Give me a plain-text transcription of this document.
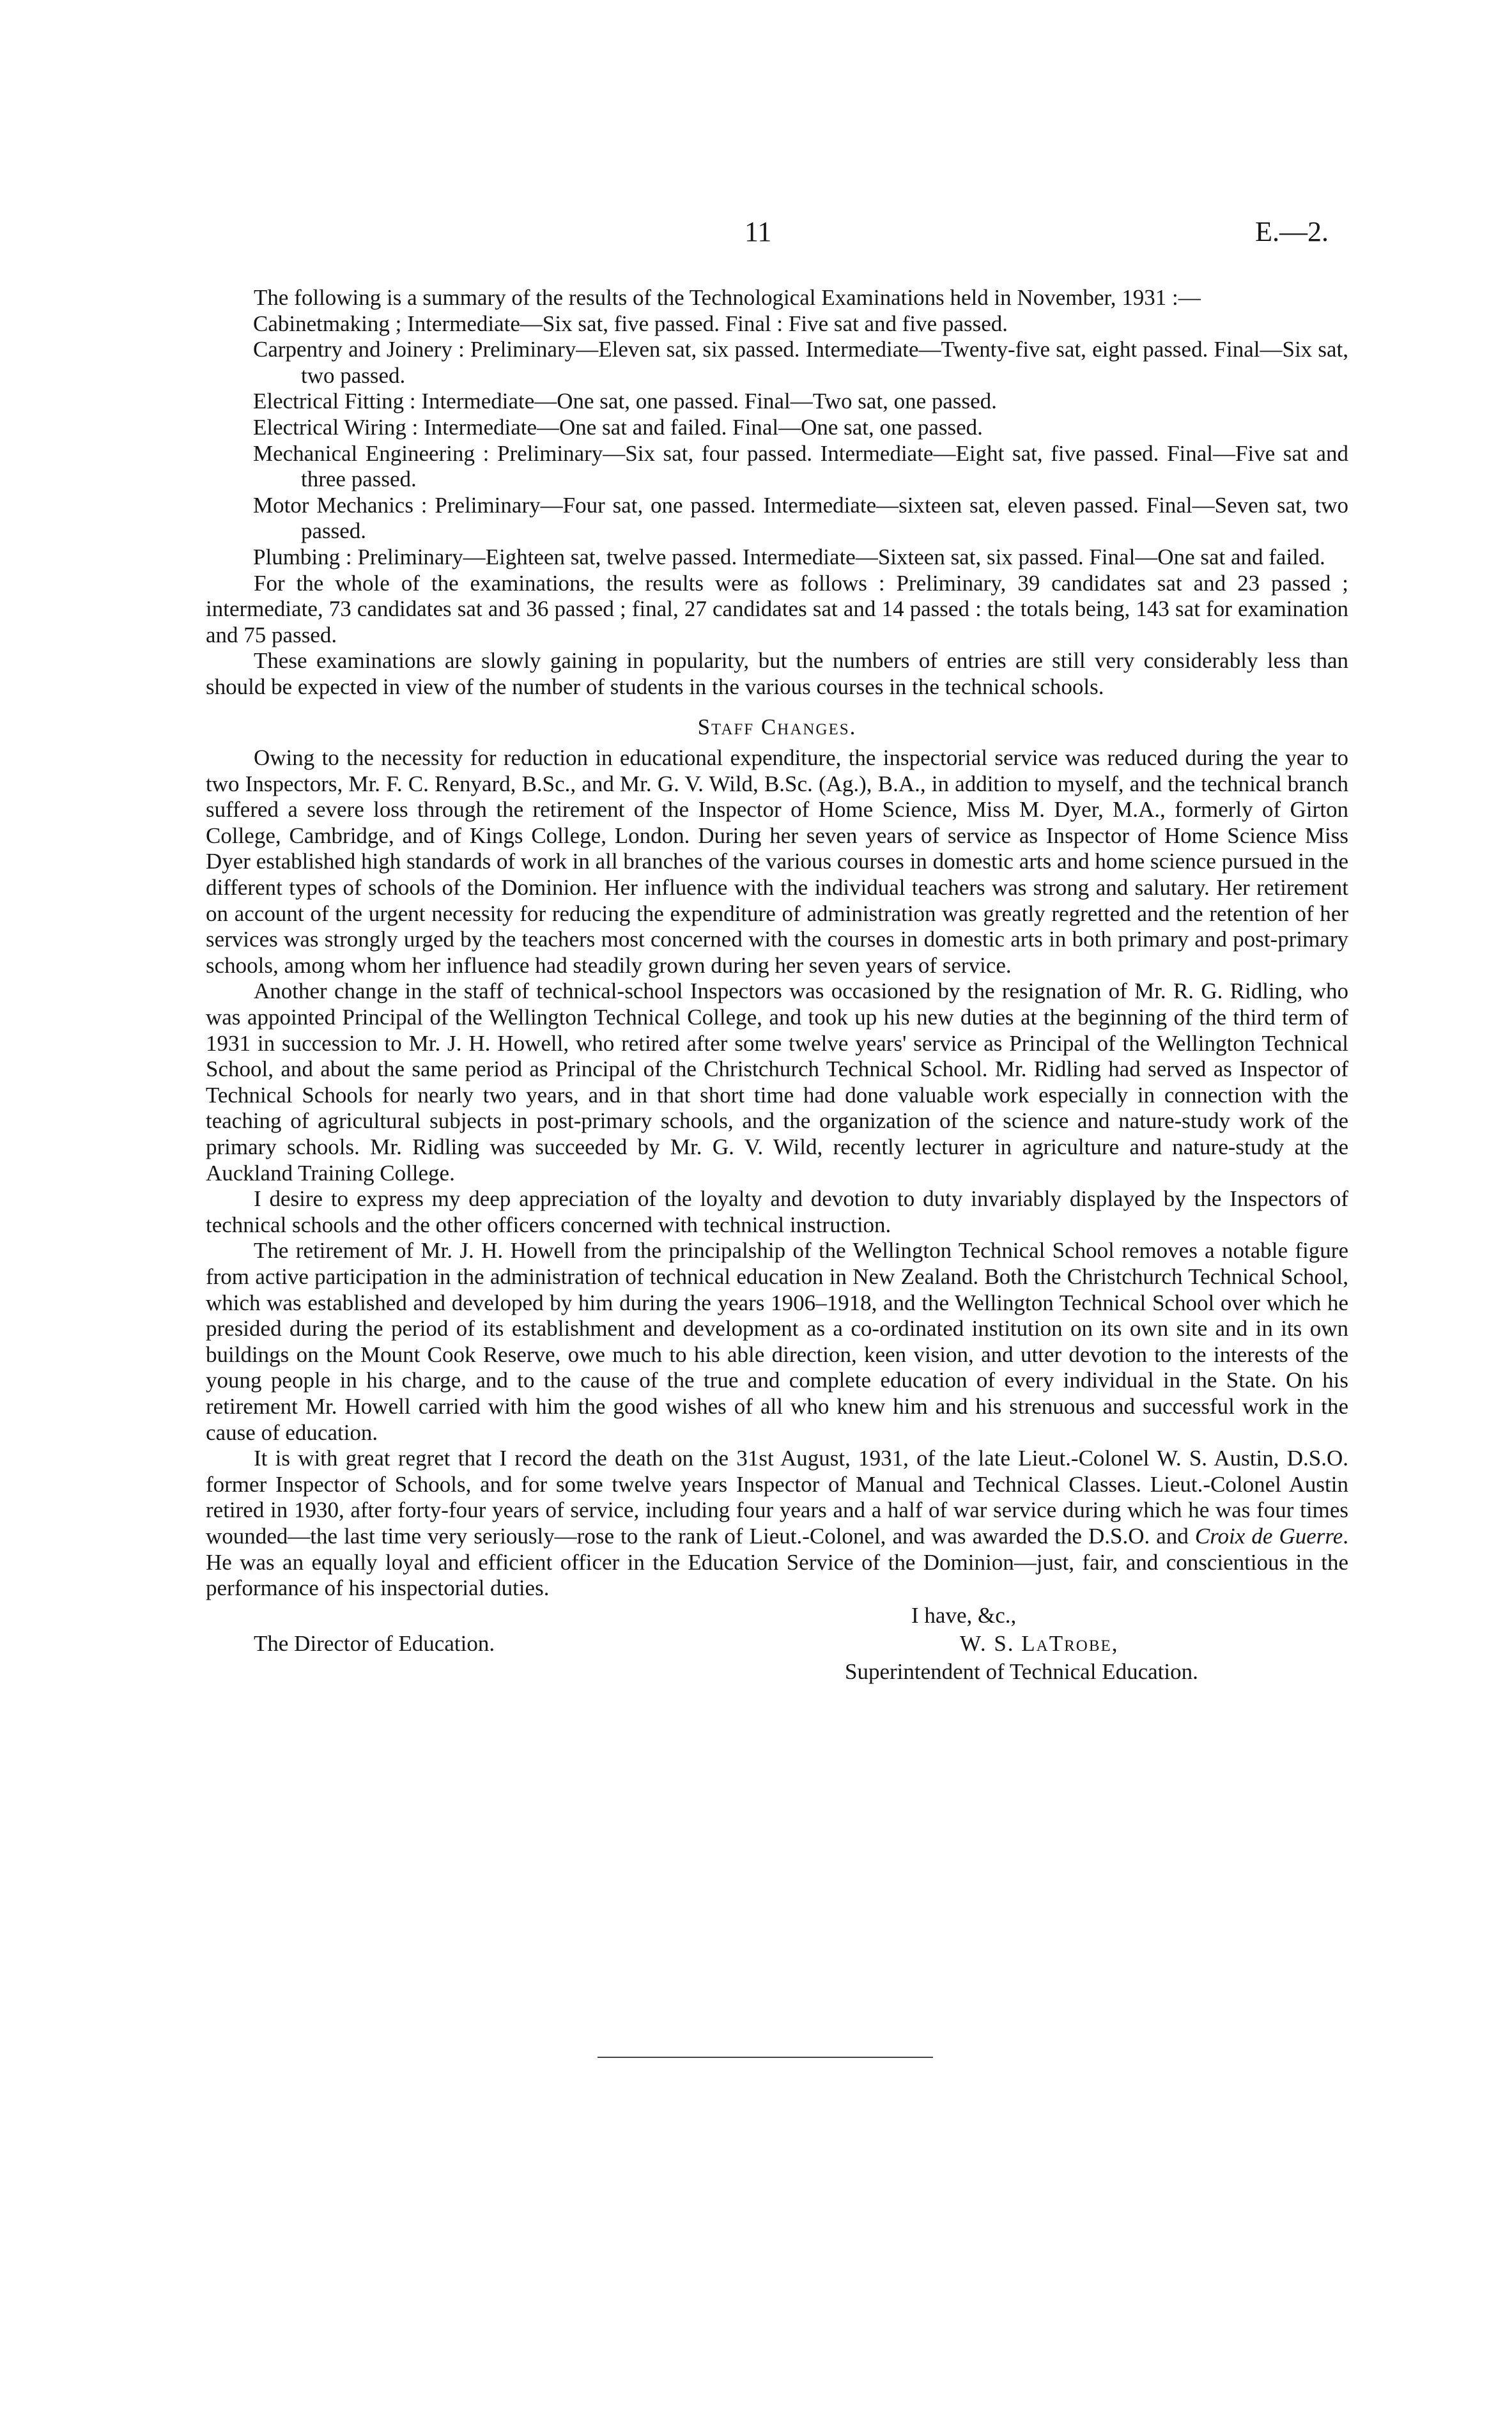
11	E.—2.

The following is a summary of the results of the Technological Examinations held in November, 1931 :—

Cabinetmaking ; Intermediate—Six sat, five passed. Final : Five sat and five passed.

Carpentry and Joinery : Preliminary—Eleven sat, six passed. Intermediate—Twenty-five sat, eight passed. Final—Six sat, two passed.

Electrical Fitting : Intermediate—One sat, one passed. Final—Two sat, one passed.

Electrical Wiring : Intermediate—One sat and failed. Final—One sat, one passed.

Mechanical Engineering : Preliminary—Six sat, four passed. Intermediate—Eight sat, five passed. Final—Five sat and three passed.

Motor Mechanics : Preliminary—Four sat, one passed. Intermediate—sixteen sat, eleven passed. Final—Seven sat, two passed.

Plumbing : Preliminary—Eighteen sat, twelve passed. Intermediate—Sixteen sat, six passed. Final—One sat and failed.

For the whole of the examinations, the results were as follows : Preliminary, 39 candidates sat and 23 passed ; intermediate, 73 candidates sat and 36 passed ; final, 27 candidates sat and 14 passed : the totals being, 143 sat for examination and 75 passed.

These examinations are slowly gaining in popularity, but the numbers of entries are still very considerably less than should be expected in view of the number of students in the various courses in the technical schools.

Staff Changes.

Owing to the necessity for reduction in educational expenditure, the inspectorial service was reduced during the year to two Inspectors, Mr. F. C. Renyard, B.Sc., and Mr. G. V. Wild, B.Sc. (Ag.), B.A., in addition to myself, and the technical branch suffered a severe loss through the retirement of the Inspector of Home Science, Miss M. Dyer, M.A., formerly of Girton College, Cambridge, and of Kings College, London. During her seven years of service as Inspector of Home Science Miss Dyer established high standards of work in all branches of the various courses in domestic arts and home science pursued in the different types of schools of the Dominion. Her influence with the individual teachers was strong and salutary. Her retirement on account of the urgent necessity for reducing the expenditure of administration was greatly regretted and the retention of her services was strongly urged by the teachers most concerned with the courses in domestic arts in both primary and post-primary schools, among whom her influence had steadily grown during her seven years of service.

Another change in the staff of technical-school Inspectors was occasioned by the resignation of Mr. R. G. Ridling, who was appointed Principal of the Wellington Technical College, and took up his new duties at the beginning of the third term of 1931 in succession to Mr. J. H. Howell, who retired after some twelve years' service as Principal of the Wellington Technical School, and about the same period as Principal of the Christchurch Technical School. Mr. Ridling had served as Inspector of Technical Schools for nearly two years, and in that short time had done valuable work especially in connection with the teaching of agricultural subjects in post-primary schools, and the organization of the science and nature-study work of the primary schools. Mr. Ridling was succeeded by Mr. G. V. Wild, recently lecturer in agriculture and nature-study at the Auckland Training College.

I desire to express my deep appreciation of the loyalty and devotion to duty invariably displayed by the Inspectors of technical schools and the other officers concerned with technical instruction.

The retirement of Mr. J. H. Howell from the principalship of the Wellington Technical School removes a notable figure from active participation in the administration of technical education in New Zealand. Both the Christchurch Technical School, which was established and developed by him during the years 1906–1918, and the Wellington Technical School over which he presided during the period of its establishment and development as a co-ordinated institution on its own site and in its own buildings on the Mount Cook Reserve, owe much to his able direction, keen vision, and utter devotion to the interests of the young people in his charge, and to the cause of the true and complete education of every individual in the State. On his retirement Mr. Howell carried with him the good wishes of all who knew him and his strenuous and successful work in the cause of education.

It is with great regret that I record the death on the 31st August, 1931, of the late Lieut.-Colonel W. S. Austin, D.S.O. former Inspector of Schools, and for some twelve years Inspector of Manual and Technical Classes. Lieut.-Colonel Austin retired in 1930, after forty-four years of service, including four years and a half of war service during which he was four times wounded—the last time very seriously—rose to the rank of Lieut.-Colonel, and was awarded the D.S.O. and Croix de Guerre. He was an equally loyal and efficient officer in the Education Service of the Dominion—just, fair, and conscientious in the performance of his inspectorial duties.

I have, &c.,
The Director of Education.	W. S. LaTrobe,
Superintendent of Technical Education.
